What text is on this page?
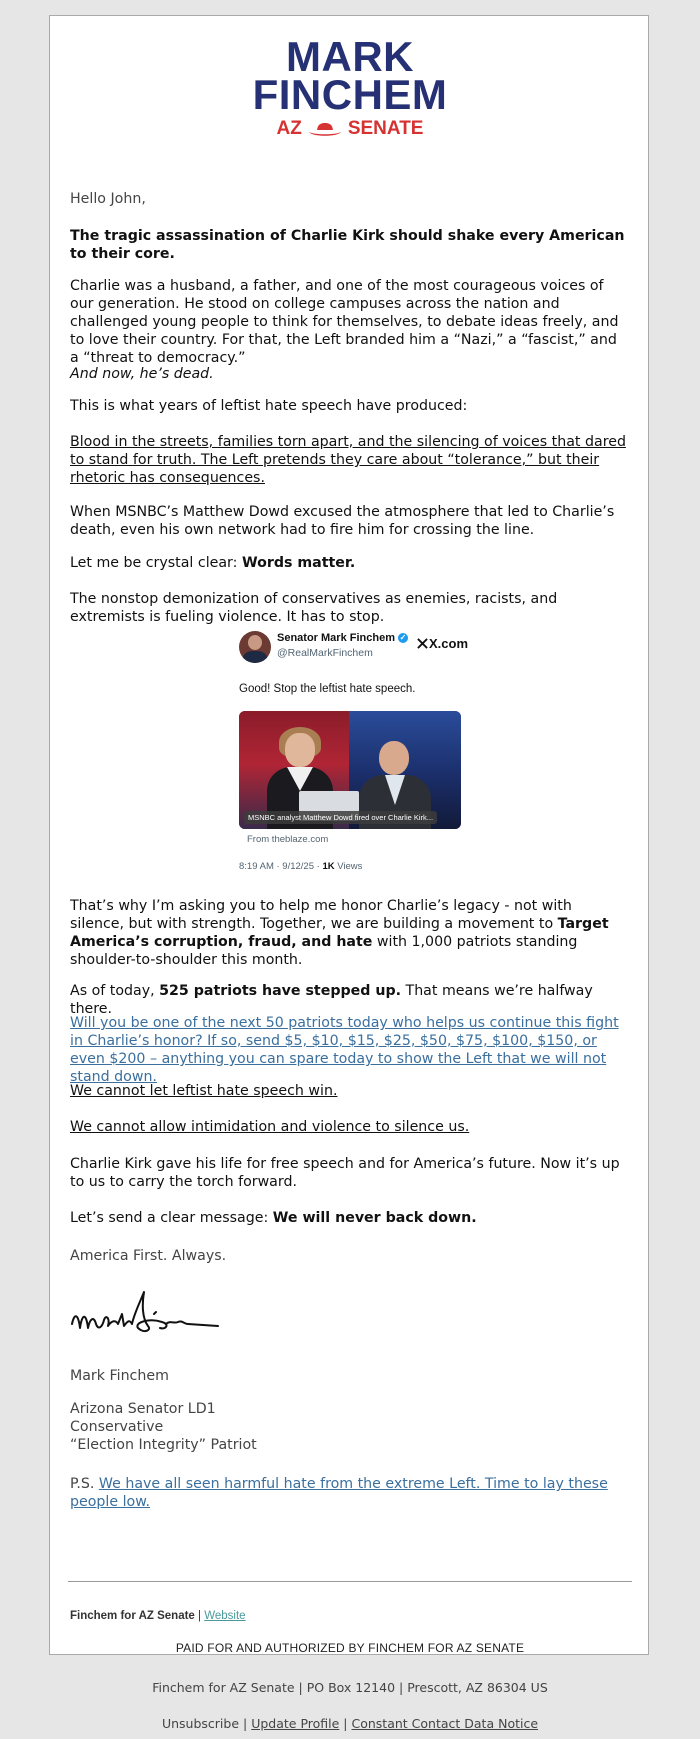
MARK
FINCHEM
AZ SENATE

Hello John,

The tragic assassination of Charlie Kirk should shake every American to their core.

Charlie was a husband, a father, and one of the most courageous voices of our generation. He stood on college campuses across the nation and challenged young people to think for themselves, to debate ideas freely, and to love their country. For that, the Left branded him a “Nazi,” a “fascist,” and a “threat to democracy.”

And now, he’s dead.

This is what years of leftist hate speech have produced:

Blood in the streets, families torn apart, and the silencing of voices that dared to stand for truth. The Left pretends they care about “tolerance,” but their rhetoric has consequences.

When MSNBC’s Matthew Dowd excused the atmosphere that led to Charlie’s death, even his own network had to fire him for crossing the line.

Let me be crystal clear: Words matter.

The nonstop demonization of conservatives as enemies, racists, and extremists is fueling violence. It has to stop.

Senator Mark Finchem ✓
@RealMarkFinchem
X.com
Good! Stop the leftist hate speech.
MSNBC analyst Matthew Dowd fired over Charlie Kirk...
From theblaze.com
8:19 AM · 9/12/25 · 1K Views

That’s why I’m asking you to help me honor Charlie’s legacy - not with silence, but with strength. Together, we are building a movement to Target America’s corruption, fraud, and hate with 1,000 patriots standing shoulder-to-shoulder this month.

As of today, 525 patriots have stepped up. That means we’re halfway there.

Will you be one of the next 50 patriots today who helps us continue this fight in Charlie’s honor? If so, send $5, $10, $15, $25, $50, $75, $100, $150, or even $200 – anything you can spare today to show the Left that we will not stand down.

We cannot let leftist hate speech win.

We cannot allow intimidation and violence to silence us.

Charlie Kirk gave his life for free speech and for America’s future. Now it’s up to us to carry the torch forward.

Let’s send a clear message: We will never back down.

America First. Always.

Mark Finchem

Arizona Senator LD1

Conservative

“Election Integrity” Patriot

P.S. We have all seen harmful hate from the extreme Left. Time to lay these people low.

Finchem for AZ Senate | Website
PAID FOR AND AUTHORIZED BY FINCHEM FOR AZ SENATE
Finchem for AZ Senate | PO Box 12140 | Prescott, AZ 86304 US
Unsubscribe | Update Profile | Constant Contact Data Notice
